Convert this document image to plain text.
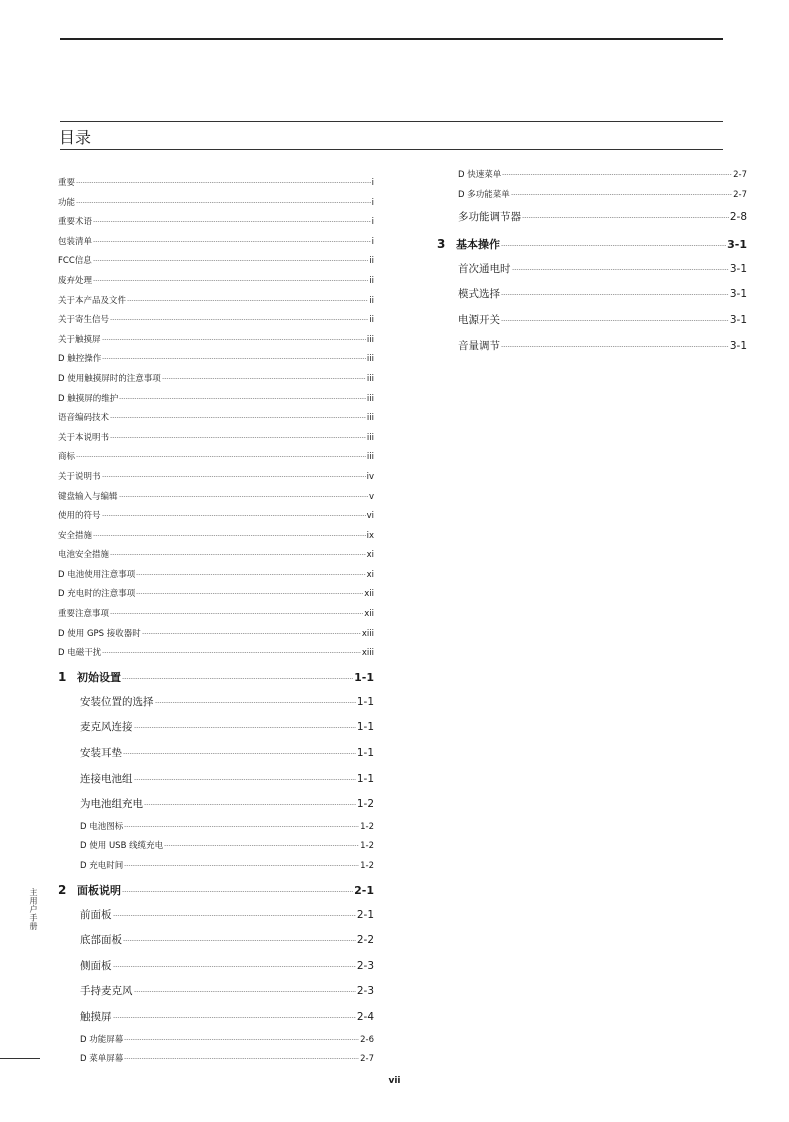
目录
重要	i
功能	i
重要术语	i
包装清单	i
FCC信息	ii
废弃处理	ii
关于本产品及文件	ii
关于寄生信号	ii
关于触摸屏	iii
D 触控操作	iii
D 使用触摸屏时的注意事项	iii
D 触摸屏的维护	iii
语音编码技术	iii
关于本说明书	iii
商标	iii
关于说明书	iv
键盘输入与编辑	v
使用的符号	vi
安全措施	ix
电池安全措施	xi
D 电池使用注意事项	xi
D 充电时的注意事项	xii
重要注意事项	xii
D 使用 GPS 接收器时	xiii
D 电磁干扰	xiii
1 初始设置	1-1
安装位置的选择	1-1
麦克风连接	1-1
安装耳垫	1-1
连接电池组	1-1
为电池组充电	1-2
D 电池图标	1-2
D 使用 USB 线缆充电	1-2
D 充电时间	1-2
2 面板说明	2-1
前面板	2-1
底部面板	2-2
侧面板	2-3
手持麦克风	2-3
触摸屏	2-4
D 功能屏幕	2-6
D 菜单屏幕	2-7
D 快速菜单	2-7
D 多功能菜单	2-7
多功能调节器	2-8
3 基本操作	3-1
首次通电时	3-1
模式选择	3-1
电源开关	3-1
音量调节	3-1
主用户手册
vii
